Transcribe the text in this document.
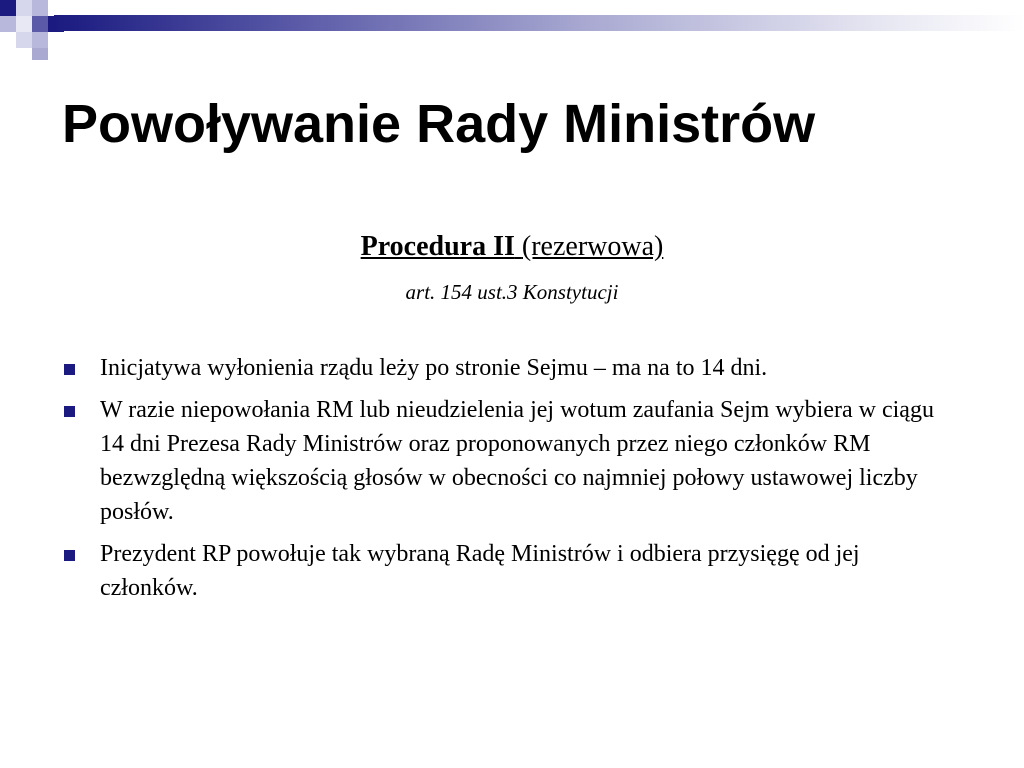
Powoływanie Rady Ministrów
Procedura II (rezerwowa)
art. 154 ust.3 Konstytucji
Inicjatywa wyłonienia rządu leży po stronie Sejmu – ma na to 14 dni.
W razie niepowołania RM lub nieudzielenia jej wotum zaufania Sejm wybiera w ciągu 14 dni Prezesa Rady Ministrów oraz proponowanych przez niego członków RM bezwzględną większością głosów w obecności co najmniej połowy ustawowej liczby posłów.
Prezydent RP powołuje tak wybraną Radę Ministrów i odbiera przysięgę od jej członków.
